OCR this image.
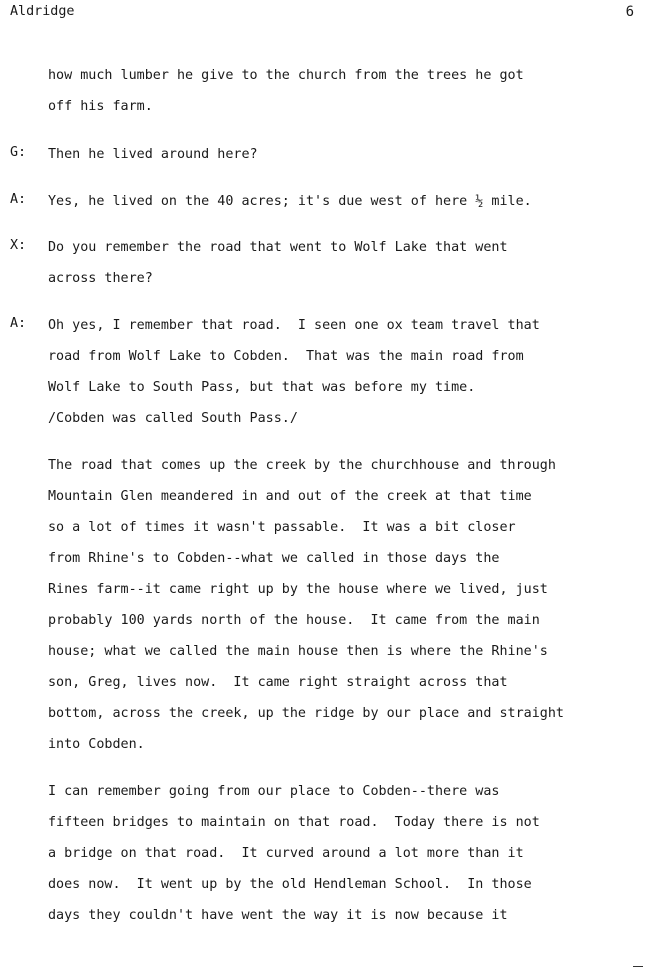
Aldridge	6
how much lumber he give to the church from the trees he got
off his farm.
G:	Then he lived around here?
A:	Yes, he lived on the 40 acres; it's due west of here ½ mile.
X:	Do you remember the road that went to Wolf Lake that went
across there?
A:	Oh yes, I remember that road.  I seen one ox team travel that
road from Wolf Lake to Cobden.  That was the main road from
Wolf Lake to South Pass, but that was before my time.
/Cobden was called South Pass./
The road that comes up the creek by the churchhouse and through
Mountain Glen meandered in and out of the creek at that time
so a lot of times it wasn't passable.  It was a bit closer
from Rhine's to Cobden--what we called in those days the
Rines farm--it came right up by the house where we lived, just
probably 100 yards north of the house.  It came from the main
house; what we called the main house then is where the Rhine's
son, Greg, lives now.  It came right straight across that
bottom, across the creek, up the ridge by our place and straight
into Cobden.
I can remember going from our place to Cobden--there was
fifteen bridges to maintain on that road.  Today there is not
a bridge on that road.  It curved around a lot more than it
does now.  It went up by the old Hendleman School.  In those
days they couldn't have went the way it is now because it
